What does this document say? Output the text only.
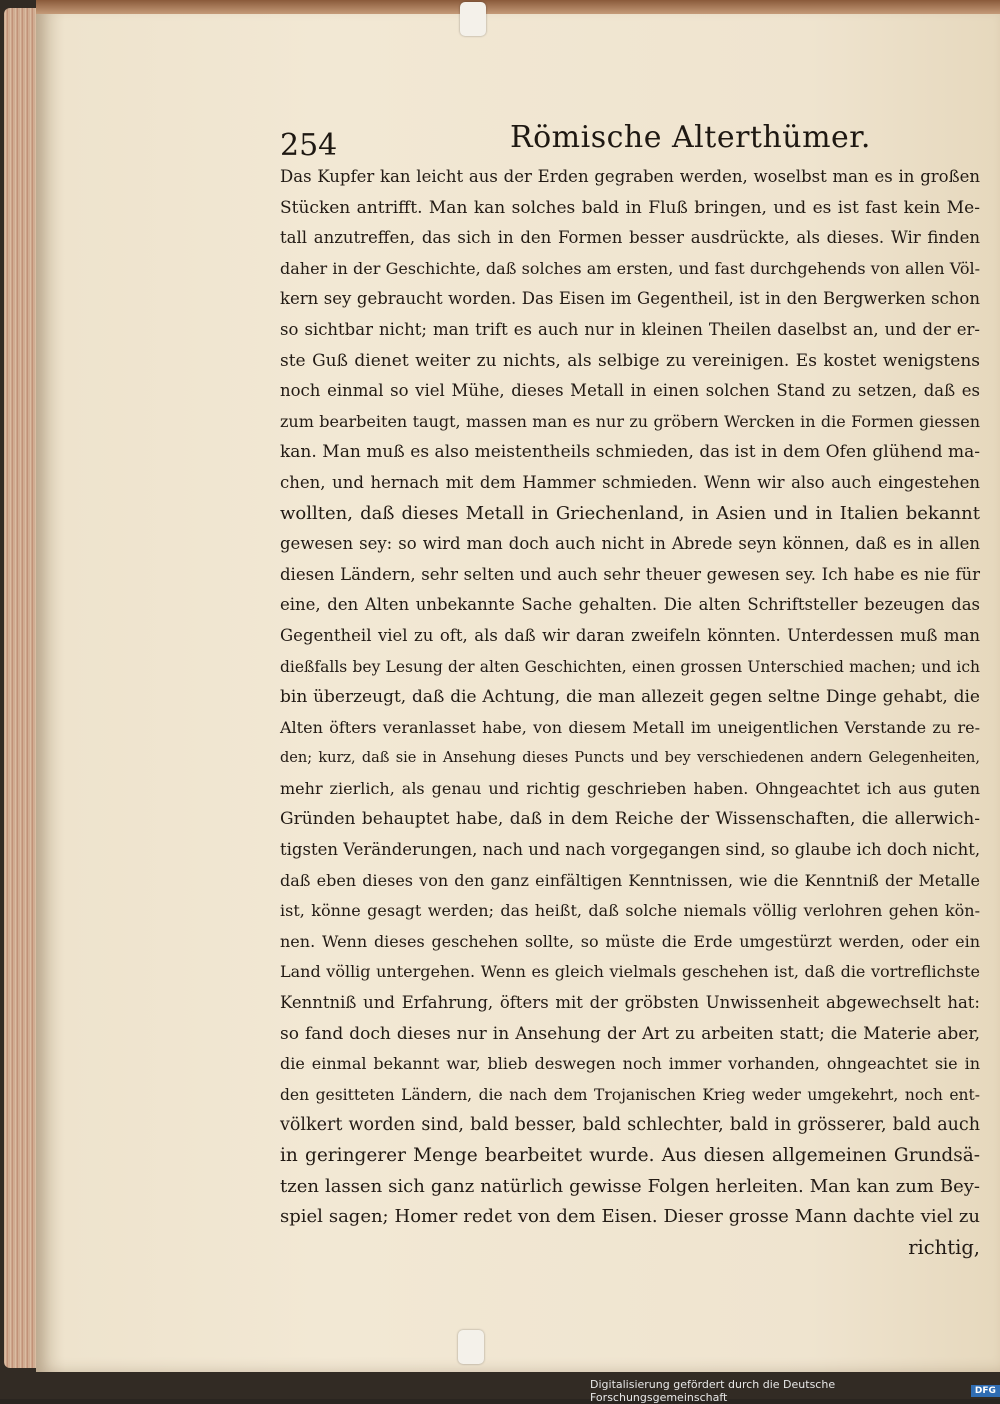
254	Römische Alterthümer.
Das Kupfer kan leicht aus der Erden gegraben werden, woselbst man es in großen
Stücken antrifft. Man kan solches bald in Fluß bringen, und es ist fast kein Me-
tall anzutreffen, das sich in den Formen besser ausdrückte, als dieses. Wir finden
daher in der Geschichte, daß solches am ersten, und fast durchgehends von allen Völ-
kern sey gebraucht worden. Das Eisen im Gegentheil, ist in den Bergwerken schon
so sichtbar nicht; man trift es auch nur in kleinen Theilen daselbst an, und der er-
ste Guß dienet weiter zu nichts, als selbige zu vereinigen. Es kostet wenigstens
noch einmal so viel Mühe, dieses Metall in einen solchen Stand zu setzen, daß es
zum bearbeiten taugt, massen man es nur zu gröbern Wercken in die Formen giessen
kan. Man muß es also meistentheils schmieden, das ist in dem Ofen glühend ma-
chen, und hernach mit dem Hammer schmieden. Wenn wir also auch eingestehen
wollten, daß dieses Metall in Griechenland, in Asien und in Italien bekannt
gewesen sey: so wird man doch auch nicht in Abrede seyn können, daß es in allen
diesen Ländern, sehr selten und auch sehr theuer gewesen sey. Ich habe es nie für
eine, den Alten unbekannte Sache gehalten. Die alten Schriftsteller bezeugen das
Gegentheil viel zu oft, als daß wir daran zweifeln könnten. Unterdessen muß man
dießfalls bey Lesung der alten Geschichten, einen grossen Unterschied machen; und ich
bin überzeugt, daß die Achtung, die man allezeit gegen seltne Dinge gehabt, die
Alten öfters veranlasset habe, von diesem Metall im uneigentlichen Verstande zu re-
den; kurz, daß sie in Ansehung dieses Puncts und bey verschiedenen andern Gelegenheiten,
mehr zierlich, als genau und richtig geschrieben haben. Ohngeachtet ich aus guten
Gründen behauptet habe, daß in dem Reiche der Wissenschaften, die allerwich-
tigsten Veränderungen, nach und nach vorgegangen sind, so glaube ich doch nicht,
daß eben dieses von den ganz einfältigen Kenntnissen, wie die Kenntniß der Metalle
ist, könne gesagt werden; das heißt, daß solche niemals völlig verlohren gehen kön-
nen. Wenn dieses geschehen sollte, so müste die Erde umgestürzt werden, oder ein
Land völlig untergehen. Wenn es gleich vielmals geschehen ist, daß die vortreflichste
Kenntniß und Erfahrung, öfters mit der gröbsten Unwissenheit abgewechselt hat:
so fand doch dieses nur in Ansehung der Art zu arbeiten statt; die Materie aber,
die einmal bekannt war, blieb deswegen noch immer vorhanden, ohngeachtet sie in
den gesitteten Ländern, die nach dem Trojanischen Krieg weder umgekehrt, noch ent-
völkert worden sind, bald besser, bald schlechter, bald in grösserer, bald auch
in geringerer Menge bearbeitet wurde. Aus diesen allgemeinen Grundsä-
tzen lassen sich ganz natürlich gewisse Folgen herleiten. Man kan zum Bey-
spiel sagen; Homer redet von dem Eisen. Dieser grosse Mann dachte viel zu
richtig,
Digitalisierung gefördert durch die Deutsche Forschungsgemeinschaft	DFG
